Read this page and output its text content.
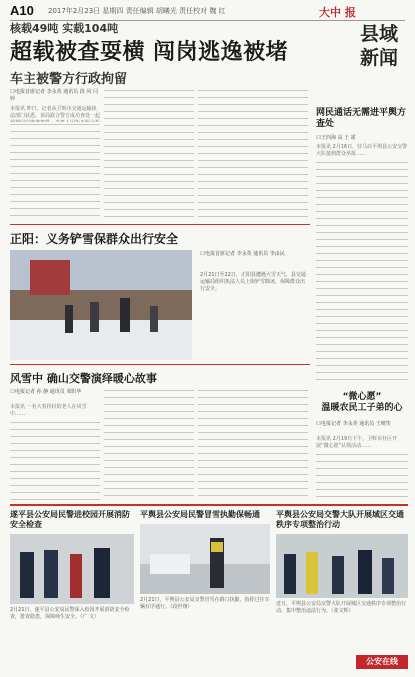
A10 2017年2月23日 星期四 责任编辑 胡曦光 责任校对 魏 红	大中 报
县域新闻
核载49吨 实载104吨
超载被查耍横 闯岗逃逸被堵
车主被警方行政拘留
口电报首席记者 李永英 通讯员 段 风 闫 婷
本报讯 昨日，记者从卫辉市交通运输执法部门获悉，该局联合警方成功查处一起
正阳：义务铲雪保群众出行安全
口电报首席记者 李永英 通讯员 李由民
2月21日至22日，正阳县遭遇大雪天气，县交通运输局组织执法人员上街铲雪除冰，保障群众出行安全。
风雪中 确山交警演绎暖心故事
口电报记者 孙 静 通讯员 邓阳华
本报讯 一名大着拐杖的老人在风雪中……
网民通话无需进平舆方查处
口王四海 高 王 霍
本报讯 2月16日，驻马店平舆县公安交警大队接到群众举报……
“微心愿”
温暖农民工子弟的心
口电报记者 李永英 通讯员 王晴笑
本报讯 2月19日下午，卫辉市社区开展“微心愿”认领活动……
遂平县公安局民警进校园开展消防安全检查
2月21日，遂平县公安局民警深入校园开展消防安全检查，排查隐患，保障师生安全。（广 文）
平舆县公安局民警冒雪执勤保畅通
2月21日，平舆县公安局交警冒雪在路口执勤，指挥过往车辆有序通行。（段世翔）
平舆县公安局交警大队开展域区交通秩序专项整治行动
近日，平舆县公安局交警大队开展城区交通秩序专项整治行动，集中整治违法行为。（张文辉）
公安在线
